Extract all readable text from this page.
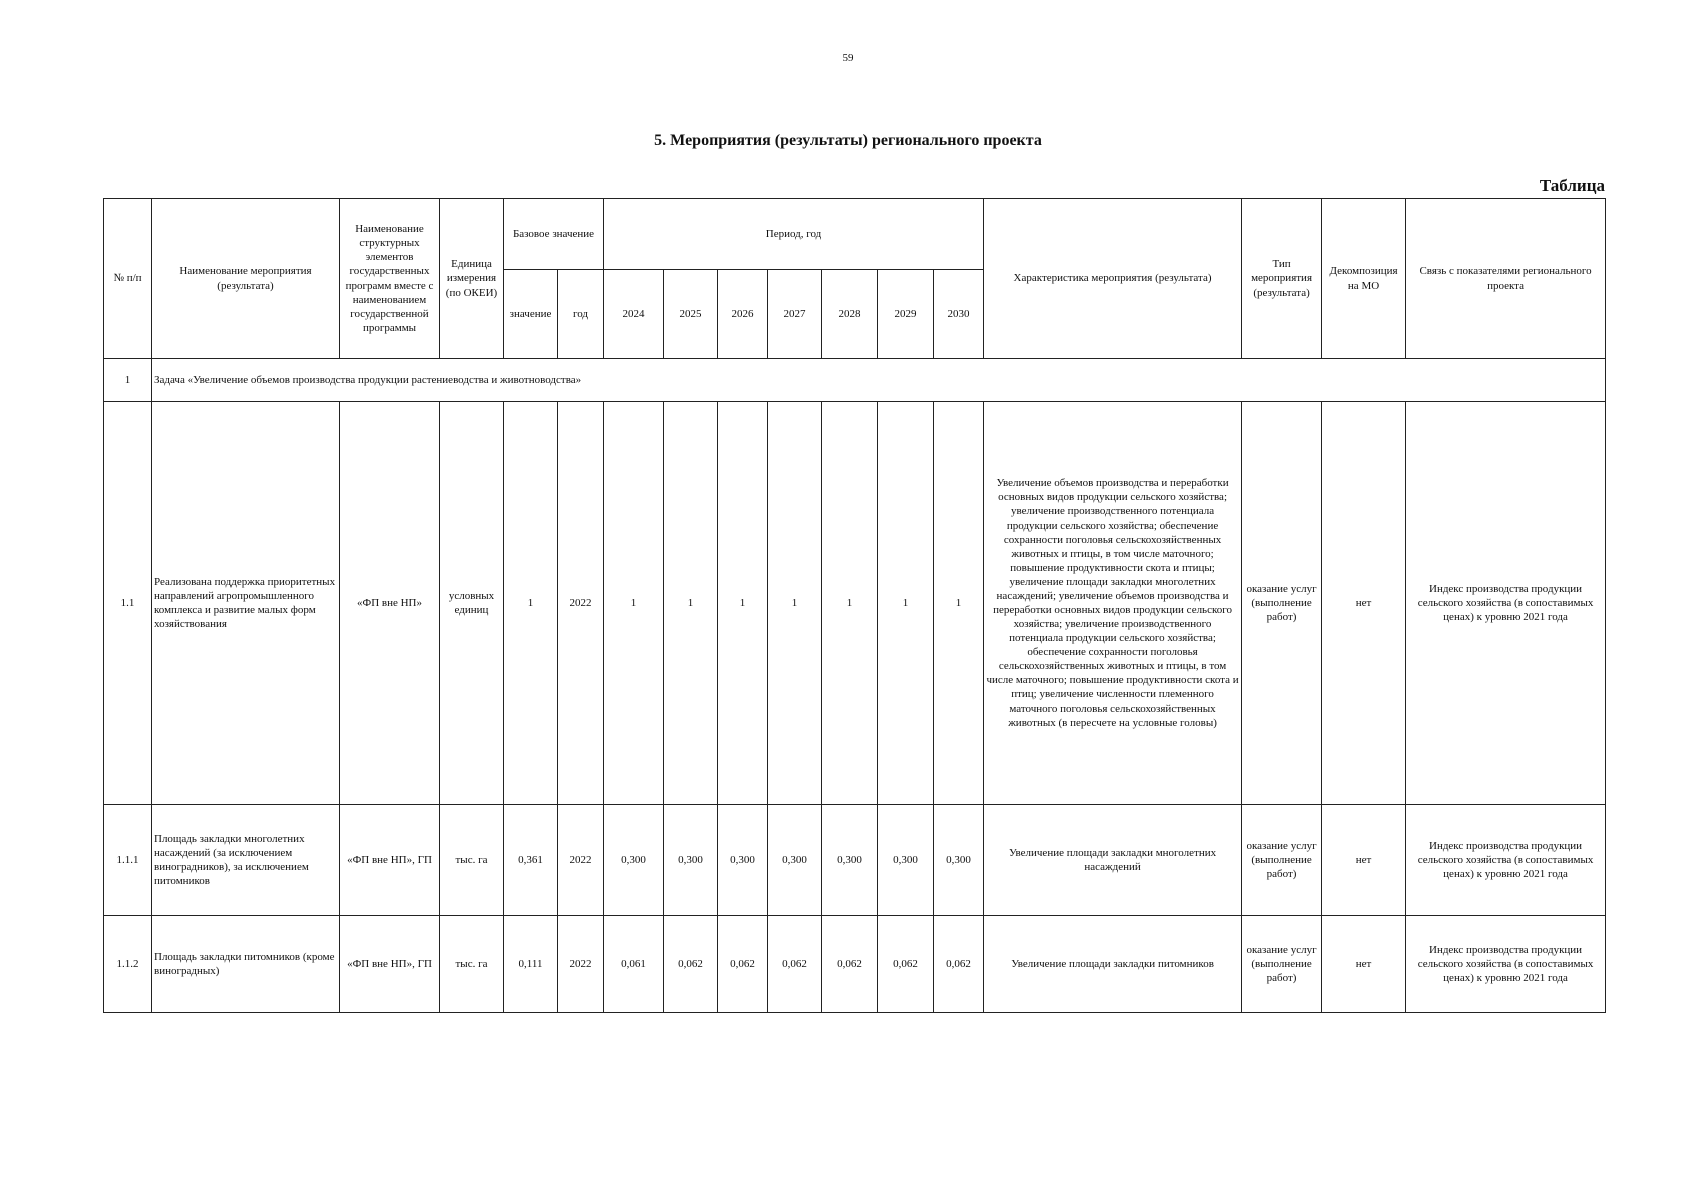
59
5. Мероприятия (результаты) регионального проекта
Таблица
№ п/п	Наименование мероприятия (результата)	Наименование структурных элементов государственных программ вместе с наименованием государственной программы	Единица измерения (по ОКЕИ)	Базовое значение		Период, год							Характеристика мероприятия (результата)	Тип мероприятия (результата)	Декомпозиция на МО	Связь с показателями регионального проекта
				значение	год	2024	2025	2026	2027	2028	2029	2030				
1	Задача «Увеличение объемов производства продукции растениеводства и животноводства»															
1.1	Реализована поддержка приоритетных направлений агропромышленного комплекса и развитие малых форм хозяйствования	«ФП вне НП»	условных единиц	1	2022	1	1	1	1	1	1	1	Увеличение объемов производства и переработки основных видов продукции сельского хозяйства; увеличение производственного потенциала продукции сельского хозяйства; обеспечение сохранности поголовья сельскохозяйственных животных и птицы, в том числе маточного; повышение продуктивности скота и птицы; увеличение площади закладки многолетних насаждений; увеличение объемов производства и переработки основных видов продукции сельского хозяйства; увеличение производственного потенциала продукции сельского хозяйства; обеспечение сохранности поголовья сельскохозяйственных животных и птицы, в том числе маточного; повышение продуктивности скота и птиц; увеличение численности племенного маточного поголовья сельскохозяйственных животных (в пересчете на условные головы)	оказание услуг (выполнение работ)	нет	Индекс производства продукции сельского хозяйства (в сопоставимых ценах) к уровню 2021 года
1.1.1	Площадь закладки многолетних насаждений (за исключением виноградников), за исключением питомников	«ФП вне НП», ГП	тыс. га	0,361	2022	0,300	0,300	0,300	0,300	0,300	0,300	0,300	Увеличение площади закладки многолетних насаждений	оказание услуг (выполнение работ)	нет	Индекс производства продукции сельского хозяйства (в сопоставимых ценах) к уровню 2021 года
1.1.2	Площадь закладки питомников (кроме виноградных)	«ФП вне НП», ГП	тыс. га	0,111	2022	0,061	0,062	0,062	0,062	0,062	0,062	0,062	Увеличение площади закладки питомников	оказание услуг (выполнение работ)	нет	Индекс производства продукции сельского хозяйства (в сопоставимых ценах) к уровню 2021 года
